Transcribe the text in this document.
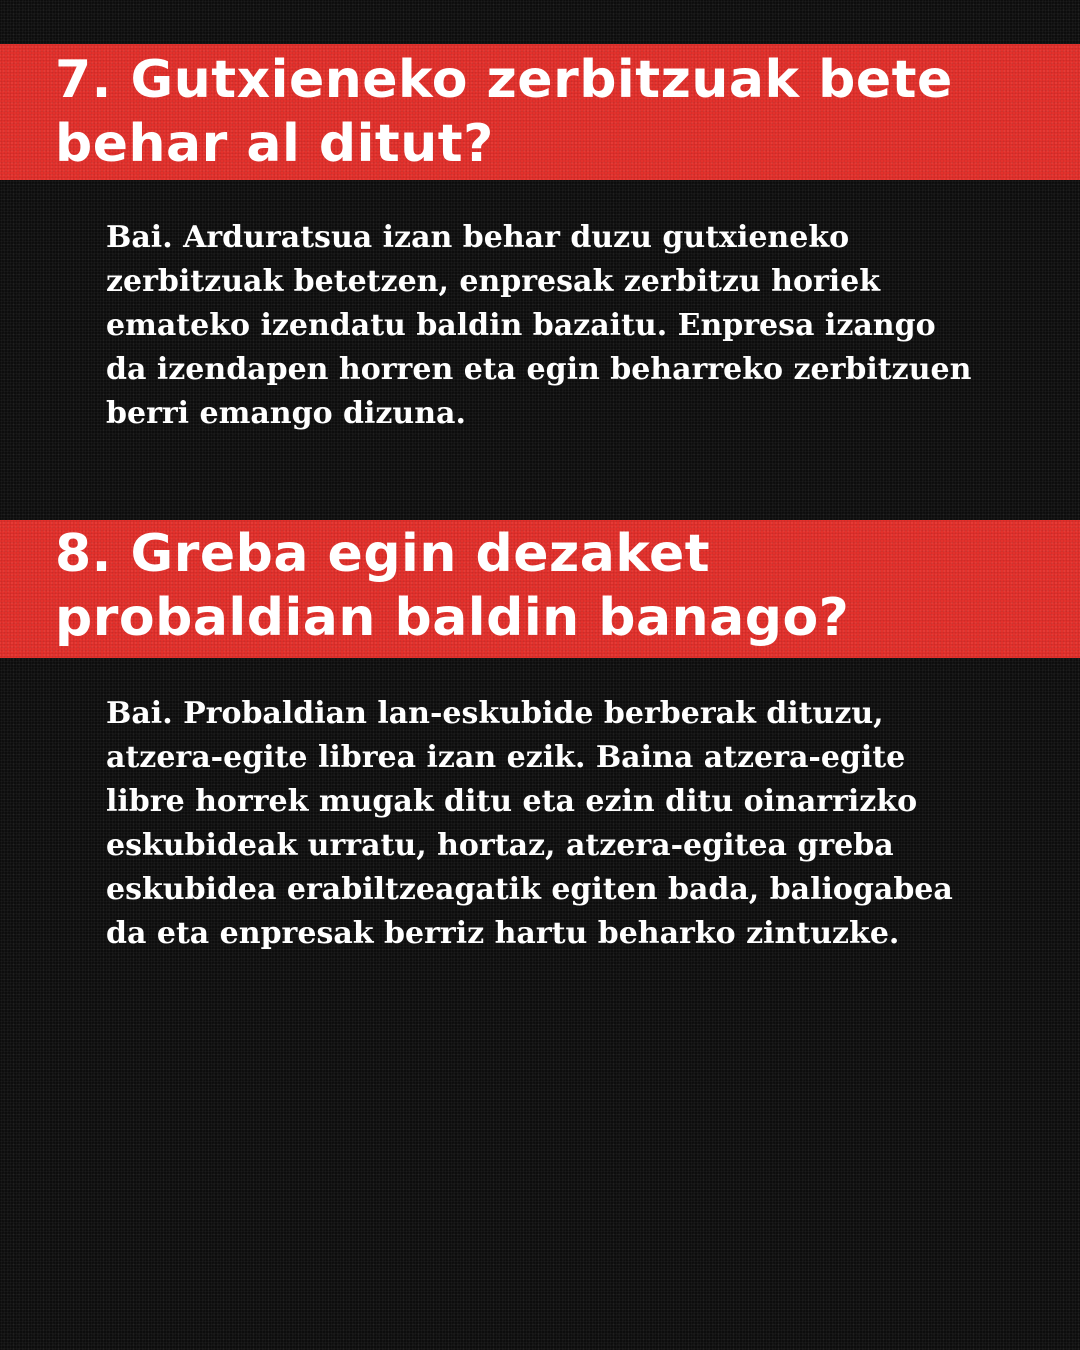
7. Gutxieneko zerbitzuak bete behar al ditut?

Bai. Arduratsua izan behar duzu gutxieneko zerbitzuak betetzen, enpresak zerbitzu horiek emateko izendatu baldin bazaitu. Enpresa izango da izendapen horren eta egin beharreko zerbitzuen berri emango dizuna.

8. Greba egin dezaket probaldian baldin banago?

Bai. Probaldian lan-eskubide berberak dituzu, atzera-egite librea izan ezik. Baina atzera-egite libre horrek mugak ditu eta ezin ditu oinarrizko eskubideak urratu, hortaz, atzera-egitea greba eskubidea erabiltzeagatik egiten bada, baliogabea da eta enpresak berriz hartu beharko zintuzke.
